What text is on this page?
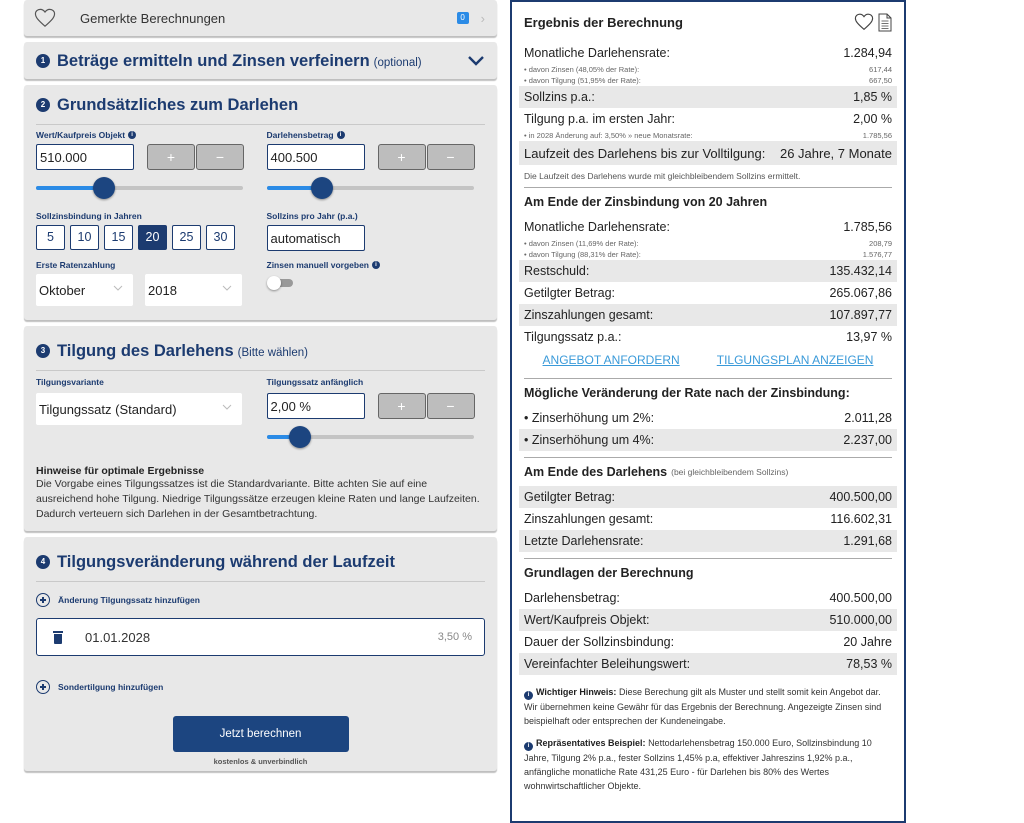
Gemerkte Berechnungen	0 ›
1 Beträge ermitteln und Zinsen verfeinern (optional)
2 Grundsätzliches zum Darlehen
Wert/Kaufpreis Objekt	i
510.000	+	−
Darlehensbetrag	i
400.500	+	−
Sollzinsbindung in Jahren
5	10	15	20	25	30
Sollzins pro Jahr (p.a.)
automatisch
Erste Ratenzahlung
Oktober	2018
Zinsen manuell vorgeben	i
3 Tilgung des Darlehens (Bitte wählen)
Tilgungsvariante
Tilgungssatz (Standard)
Tilgungssatz anfänglich
2,00 %	+	−
Hinweise für optimale Ergebnisse
Die Vorgabe eines Tilgungssatzes ist die Standardvariante. Bitte achten Sie auf eine ausreichend hohe Tilgung. Niedrige Tilgungssätze erzeugen kleine Raten und lange Laufzeiten. Dadurch verteuern sich Darlehen in der Gesamtbetrachtung.
4 Tilgungsveränderung während der Laufzeit
Änderung Tilgungssatz hinzufügen
01.01.2028	3,50 %
Sondertilgung hinzufügen
Jetzt berechnen
kostenlos & unverbindlich
Ergebnis der Berechnung
Monatliche Darlehensrate:	1.284,94
• davon Zinsen (48,05% der Rate):	617,44
• davon Tilgung (51,95% der Rate):	667,50
Sollzins p.a.:	1,85 %
Tilgung p.a. im ersten Jahr:	2,00 %
• in 2028 Änderung auf: 3,50% » neue Monatsrate:	1.785,56
Laufzeit des Darlehens bis zur Volltilgung: 26 Jahre, 7 Monate
Die Laufzeit des Darlehens wurde mit gleichbleibendem Sollzins ermittelt.
Am Ende der Zinsbindung von 20 Jahren
Monatliche Darlehensrate:	1.785,56
• davon Zinsen (11,69% der Rate):	208,79
• davon Tilgung (88,31% der Rate):	1.576,77
Restschuld:	135.432,14
Getilgter Betrag:	265.067,86
Zinszahlungen gesamt:	107.897,77
Tilgungssatz p.a.:	13,97 %
ANGEBOT ANFORDERN	TILGUNGSPLAN ANZEIGEN
Mögliche Veränderung der Rate nach der Zinsbindung:
• Zinserhöhung um 2%:	2.011,28
• Zinserhöhung um 4%:	2.237,00
Am Ende des Darlehens (bei gleichbleibendem Sollzins)
Getilgter Betrag:	400.500,00
Zinszahlungen gesamt:	116.602,31
Letzte Darlehensrate:	1.291,68
Grundlagen der Berechnung
Darlehensbetrag:	400.500,00
Wert/Kaufpreis Objekt:	510.000,00
Dauer der Sollzinsbindung:	20 Jahre
Vereinfachter Beleihungswert:	78,53 %
i Wichtiger Hinweis: Diese Berechung gilt als Muster und stellt somit kein Angebot dar. Wir übernehmen keine Gewähr für das Ergebnis der Berechnung. Angezeigte Zinsen sind beispielhaft oder entsprechen der Kundeneingabe.
i Repräsentatives Beispiel: Nettodarlehensbetrag 150.000 Euro, Sollzinsbindung 10 Jahre, Tilgung 2% p.a., fester Sollzins 1,45% p.a, effektiver Jahreszins 1,92% p.a., anfängliche monatliche Rate 431,25 Euro - für Darlehen bis 80% des Wertes wohnwirtschaftlicher Objekte.
